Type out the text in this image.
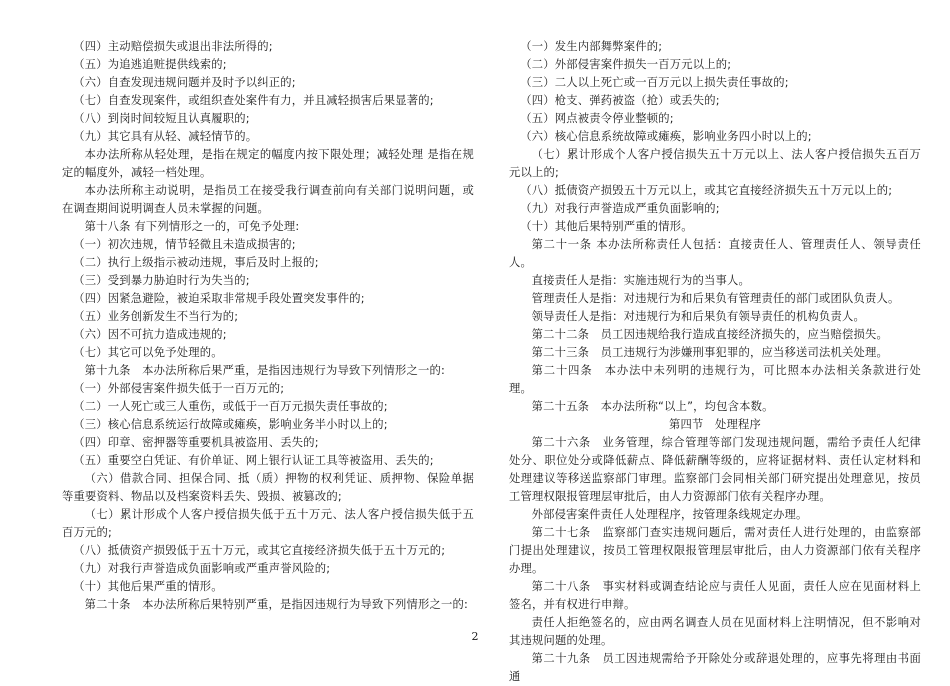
（四）主动赔偿损失或退出非法所得的;

（五）为追逃追赃提供线索的;

（六）自查发现违规问题并及时予以纠正的;

（七）自查发现案件，或组织查处案件有力，并且减轻损害后果显著的;

（八）到岗时间较短且认真履职的;

（九）其它具有从轻、减轻情节的。

本办法所称从轻处理，是指在规定的幅度内按下限处理；减轻处理 是指在规定的幅度外，减轻一档处理。

本办法所称主动说明，是指员工在接受我行调查前向有关部门说明问题，或在调查期间说明调查人员未掌握的问题。

第十八条 有下列情形之一的，可免予处理:

（一）初次违规，情节轻微且未造成损害的;

（二）执行上级指示被动违规，事后及时上报的;

（三）受到暴力胁迫时行为失当的;

（四）因紧急避险，被迫采取非常规手段处置突发事件的;

（五）业务创新发生不当行为的;

（六）因不可抗力造成违规的;

（七）其它可以免予处理的。

第十九条　本办法所称后果严重，是指因违规行为导致下列情形之一的:

（一）外部侵害案件损失低于一百万元的;

（二）一人死亡或三人重伤，或低于一百万元损失责任事故的;

（三）核心信息系统运行故障或瘫痪，影响业务半小时以上的;

（四）印章、密押器等重要机具被盗用、丢失的;

（五）重要空白凭证、有价单证、网上银行认证工具等被盗用、丢失的;

（六）借款合同、担保合同、抵（质）押物的权利凭证、质押物、保险单据等重要资料、物品以及档案资料丢失、毁损、被篡改的;

（七）累计形成个人客户授信损失低于五十万元、法人客户授信损失低于五百万元的;

（八）抵债资产损毁低于五十万元，或其它直接经济损失低于五十万元的;

（九）对我行声誉造成负面影响或严重声誉风险的;

（十）其他后果严重的情形。

第二十条　本办法所称后果特别严重，是指因违规行为导致下列情形之一的:

（一）发生内部舞弊案件的;

（二）外部侵害案件损失一百万元以上的;

（三）二人以上死亡或一百万元以上损失责任事故的;

（四）枪支、弹药被盗（抢）或丢失的;

（五）网点被责令停业整顿的;

（六）核心信息系统故障或瘫痪，影响业务四小时以上的;

（七）累计形成个人客户授信损失五十万元以上、法人客户授信损失五百万元以上的;

（八）抵债资产损毁五十万元以上，或其它直接经济损失五十万元以上的;

（九）对我行声誉造成严重负面影响的;

（十）其他后果特别严重的情形。

第二十一条 本办法所称责任人包括：直接责任人、管理责任人、领导责任人。

直接责任人是指：实施违规行为的当事人。

管理责任人是指：对违规行为和后果负有管理责任的部门或团队负责人。

领导责任人是指：对违规行为和后果负有领导责任的机构负责人。

第二十二条　员工因违规给我行造成直接经济损失的，应当赔偿损失。

第二十三条　员工违规行为涉嫌刑事犯罪的，应当移送司法机关处理。

第二十四条　本办法中未列明的违规行为，可比照本办法相关条款进行处理。

第二十五条　本办法所称“以上”，均包含本数。

第四节　处理程序

第二十六条　业务管理，综合管理等部门发现违规问题，需给予责任人纪律处分、职位处分或降低薪点、降低薪酬等级的，应将证据材料、责任认定材料和处理建议等移送监察部门审理。监察部门会同相关部门研究提出处理意见，按员工管理权限报管理层审批后，由人力资源部门依有关程序办理。

外部侵害案件责任人处理程序，按管理条线规定办理。

第二十七条　监察部门查实违规问题后，需对责任人进行处理的，由监察部门提出处理建议，按员工管理权限报管理层审批后，由人力资源部门依有关程序办理。

第二十八条　事实材料或调查结论应与责任人见面，责任人应在见面材料上签名，并有权进行申辩。

责任人拒绝签名的，应由两名调查人员在见面材料上注明情况，但不影响对其违规问题的处理。

第二十九条　员工因违规需给予开除处分或辞退处理的，应事先将理由书面通

2
